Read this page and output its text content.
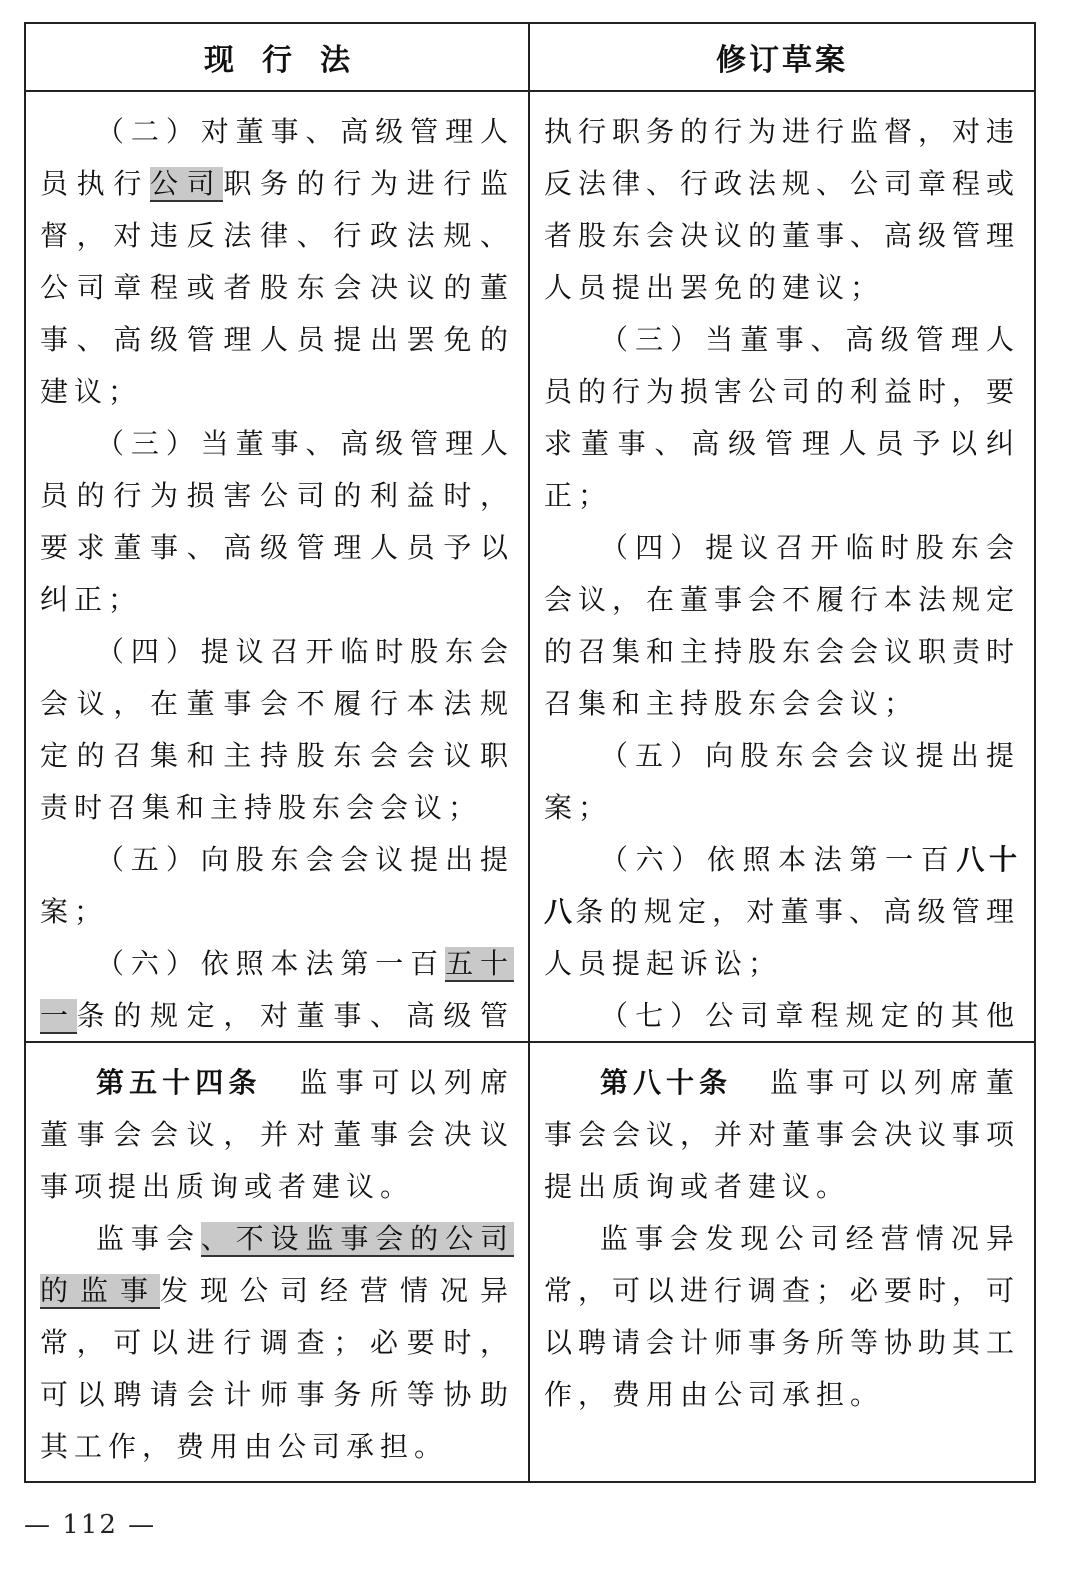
现行法	修订草案

（二）对董事、高级管理人员执行公司职务的行为进行监督，对违反法律、行政法规、公司章程或者股东会决议的董事、高级管理人员提出罢免的建议；

（三）当董事、高级管理人员的行为损害公司的利益时，要求董事、高级管理人员予以纠正；

（四）提议召开临时股东会会议，在董事会不履行本法规定的召集和主持股东会会议职责时召集和主持股东会会议；

（五）向股东会会议提出提案；

（六）依照本法第一百五十一条的规定，对董事、高级管

执行职务的行为进行监督，对违反法律、行政法规、公司章程或者股东会决议的董事、高级管理人员提出罢免的建议；

（三）当董事、高级管理人员的行为损害公司的利益时，要求董事、高级管理人员予以纠正；

（四）提议召开临时股东会会议，在董事会不履行本法规定的召集和主持股东会会议职责时召集和主持股东会会议；

（五）向股东会会议提出提案；

（六）依照本法第一百八十八条的规定，对董事、高级管理人员提起诉讼；

（七）公司章程规定的其他

第五十四条 监事可以列席董事会会议，并对董事会决议事项提出质询或者建议。

监事会、不设监事会的公司的监事发现公司经营情况异常，可以进行调查；必要时，可以聘请会计师事务所等协助其工作，费用由公司承担。

第八十条 监事可以列席董事会会议，并对董事会决议事项提出质询或者建议。

监事会发现公司经营情况异常，可以进行调查；必要时，可以聘请会计师事务所等协助其工作，费用由公司承担。

— 112 —
